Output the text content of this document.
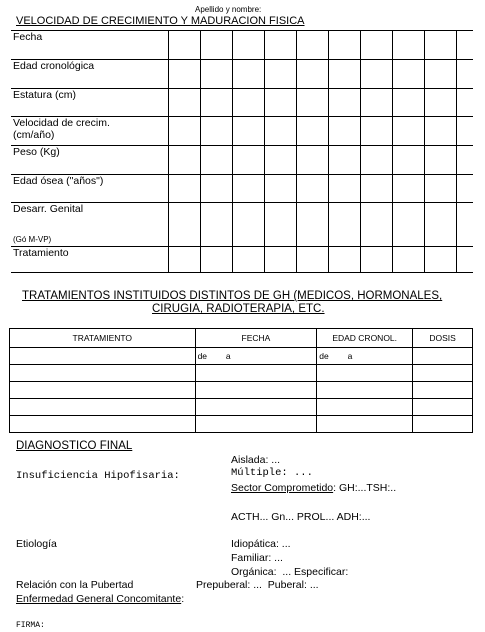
Apellido y nombre:
VELOCIDAD DE CRECIMIENTO Y MADURACION FISICA
Fecha										

Edad cronológica										

Estatura (cm)										

Velocidad de crecim.
(cm/año)										

Peso (Kg)										

Edad ósea ("años")										

Desarr. Genital
(Gó M-VP)										

Tratamiento										

TRATAMIENTOS INSTITUIDOS DISTINTOS DE GH (MEDICOS, HORMONALES,
CIRUGIA, RADIOTERAPIA, ETC.
TRATAMIENTO	FECHA	EDAD CRONOL.	DOSIS
	de        a	de        a	

DIAGNOSTICO FINAL
Aislada: ...
Insuficiencia Hipofisaria:	Múltiple: ...
Sector Comprometido: GH:...TSH:..
ACTH... Gn... PROL... ADH:...
Etiología	Idiopática: ...
Familiar: ...
Orgánica:  ... Especificar:
Relación con la Pubertad	Prepuberal: ...  Puberal: ...
Enfermedad General Concomitante:
FIRMA:
